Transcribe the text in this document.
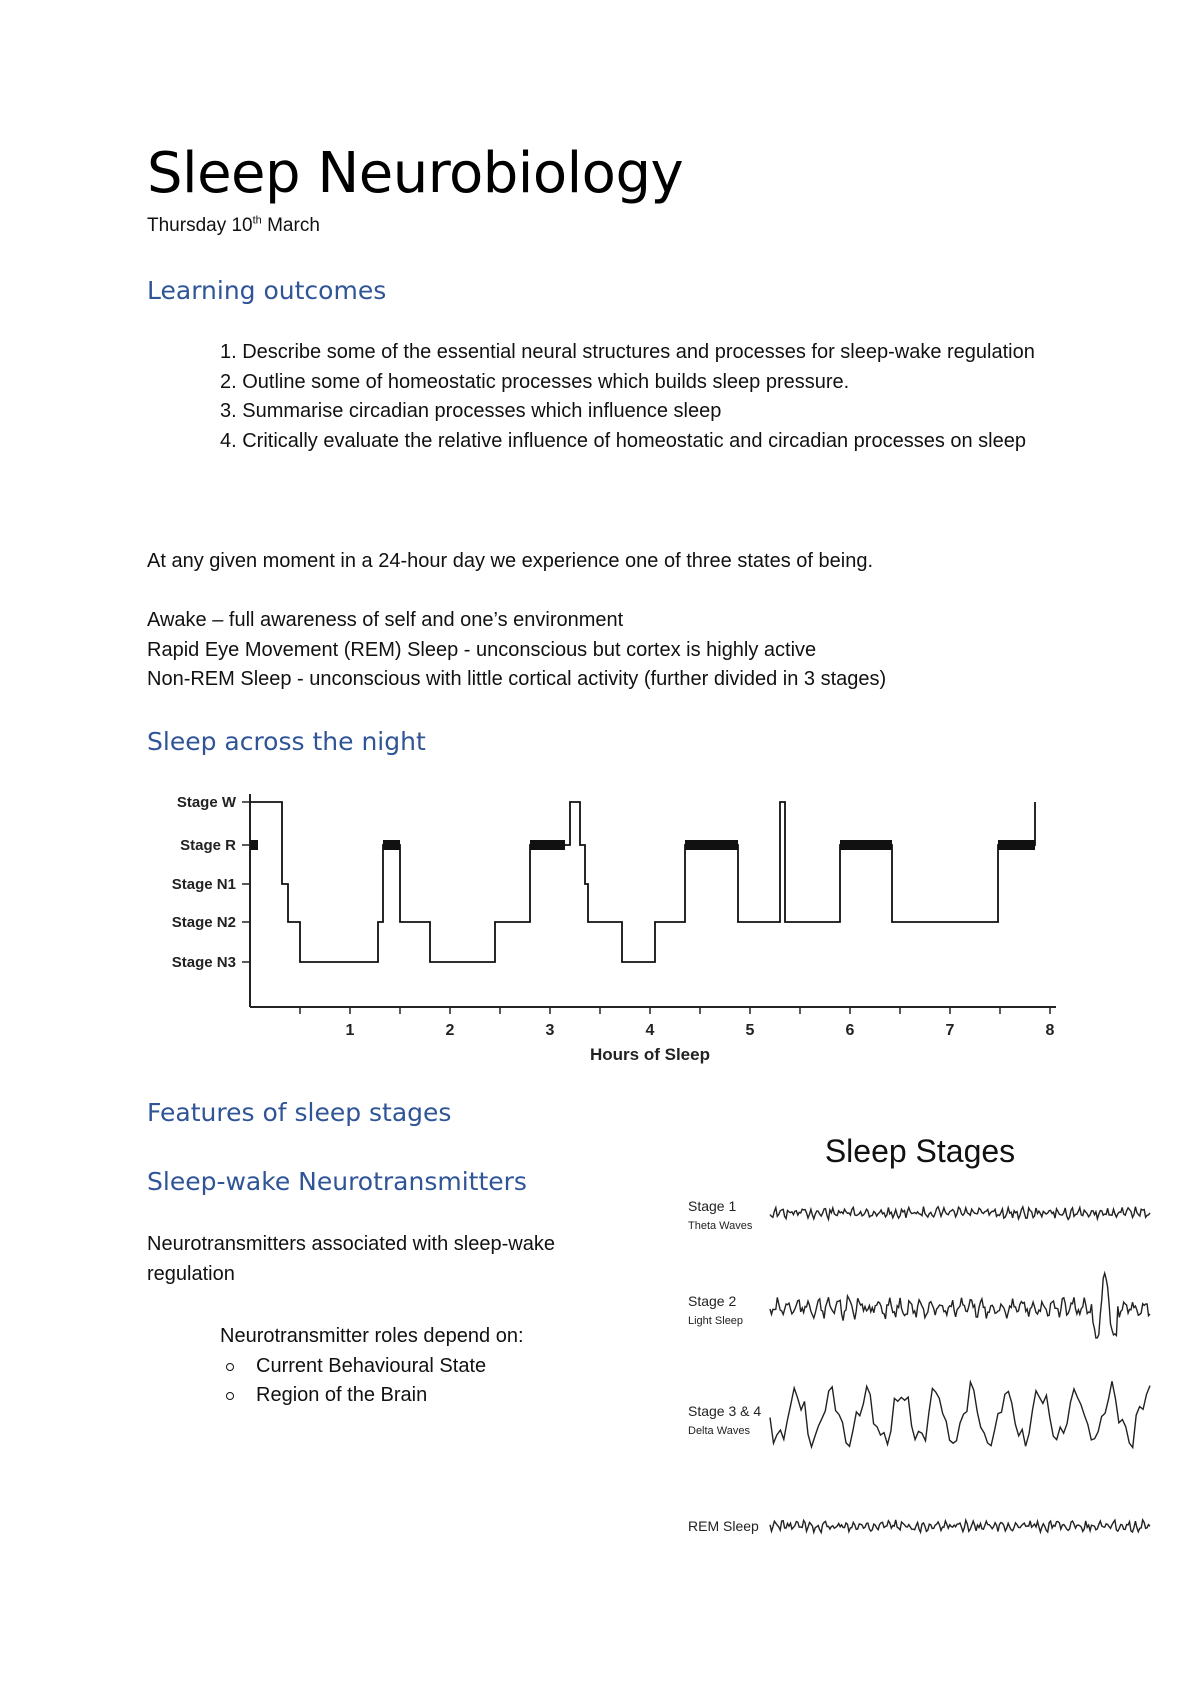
Sleep Neurobiology
Thursday 10th March
Learning outcomes
1. Describe some of the essential neural structures and processes for sleep-wake regulation
2. Outline some of homeostatic processes which builds sleep pressure.
3. Summarise circadian processes which influence sleep
4. Critically evaluate the relative influence of homeostatic and circadian processes on sleep

At any given moment in a 24-hour day we experience one of three states of being.

Awake – full awareness of self and one’s environment
Rapid Eye Movement (REM) Sleep - unconscious but cortex is highly active
Non-REM Sleep - unconscious with little cortical activity (further divided in 3 stages)
Sleep across the night
Stage W
Stage R
Stage N1
Stage N2
Stage N3
1	2	3	4	5	6	7	8
Hours of Sleep
Features of sleep stages
Sleep-wake Neurotransmitters
Neurotransmitters associated with sleep-wake regulation
Neurotransmitter roles depend on:
Current Behavioural State
Region of the Brain
Sleep Stages
Stage 1
Theta Waves
Stage 2
Light Sleep
Stage 3 & 4
Delta Waves
REM Sleep
